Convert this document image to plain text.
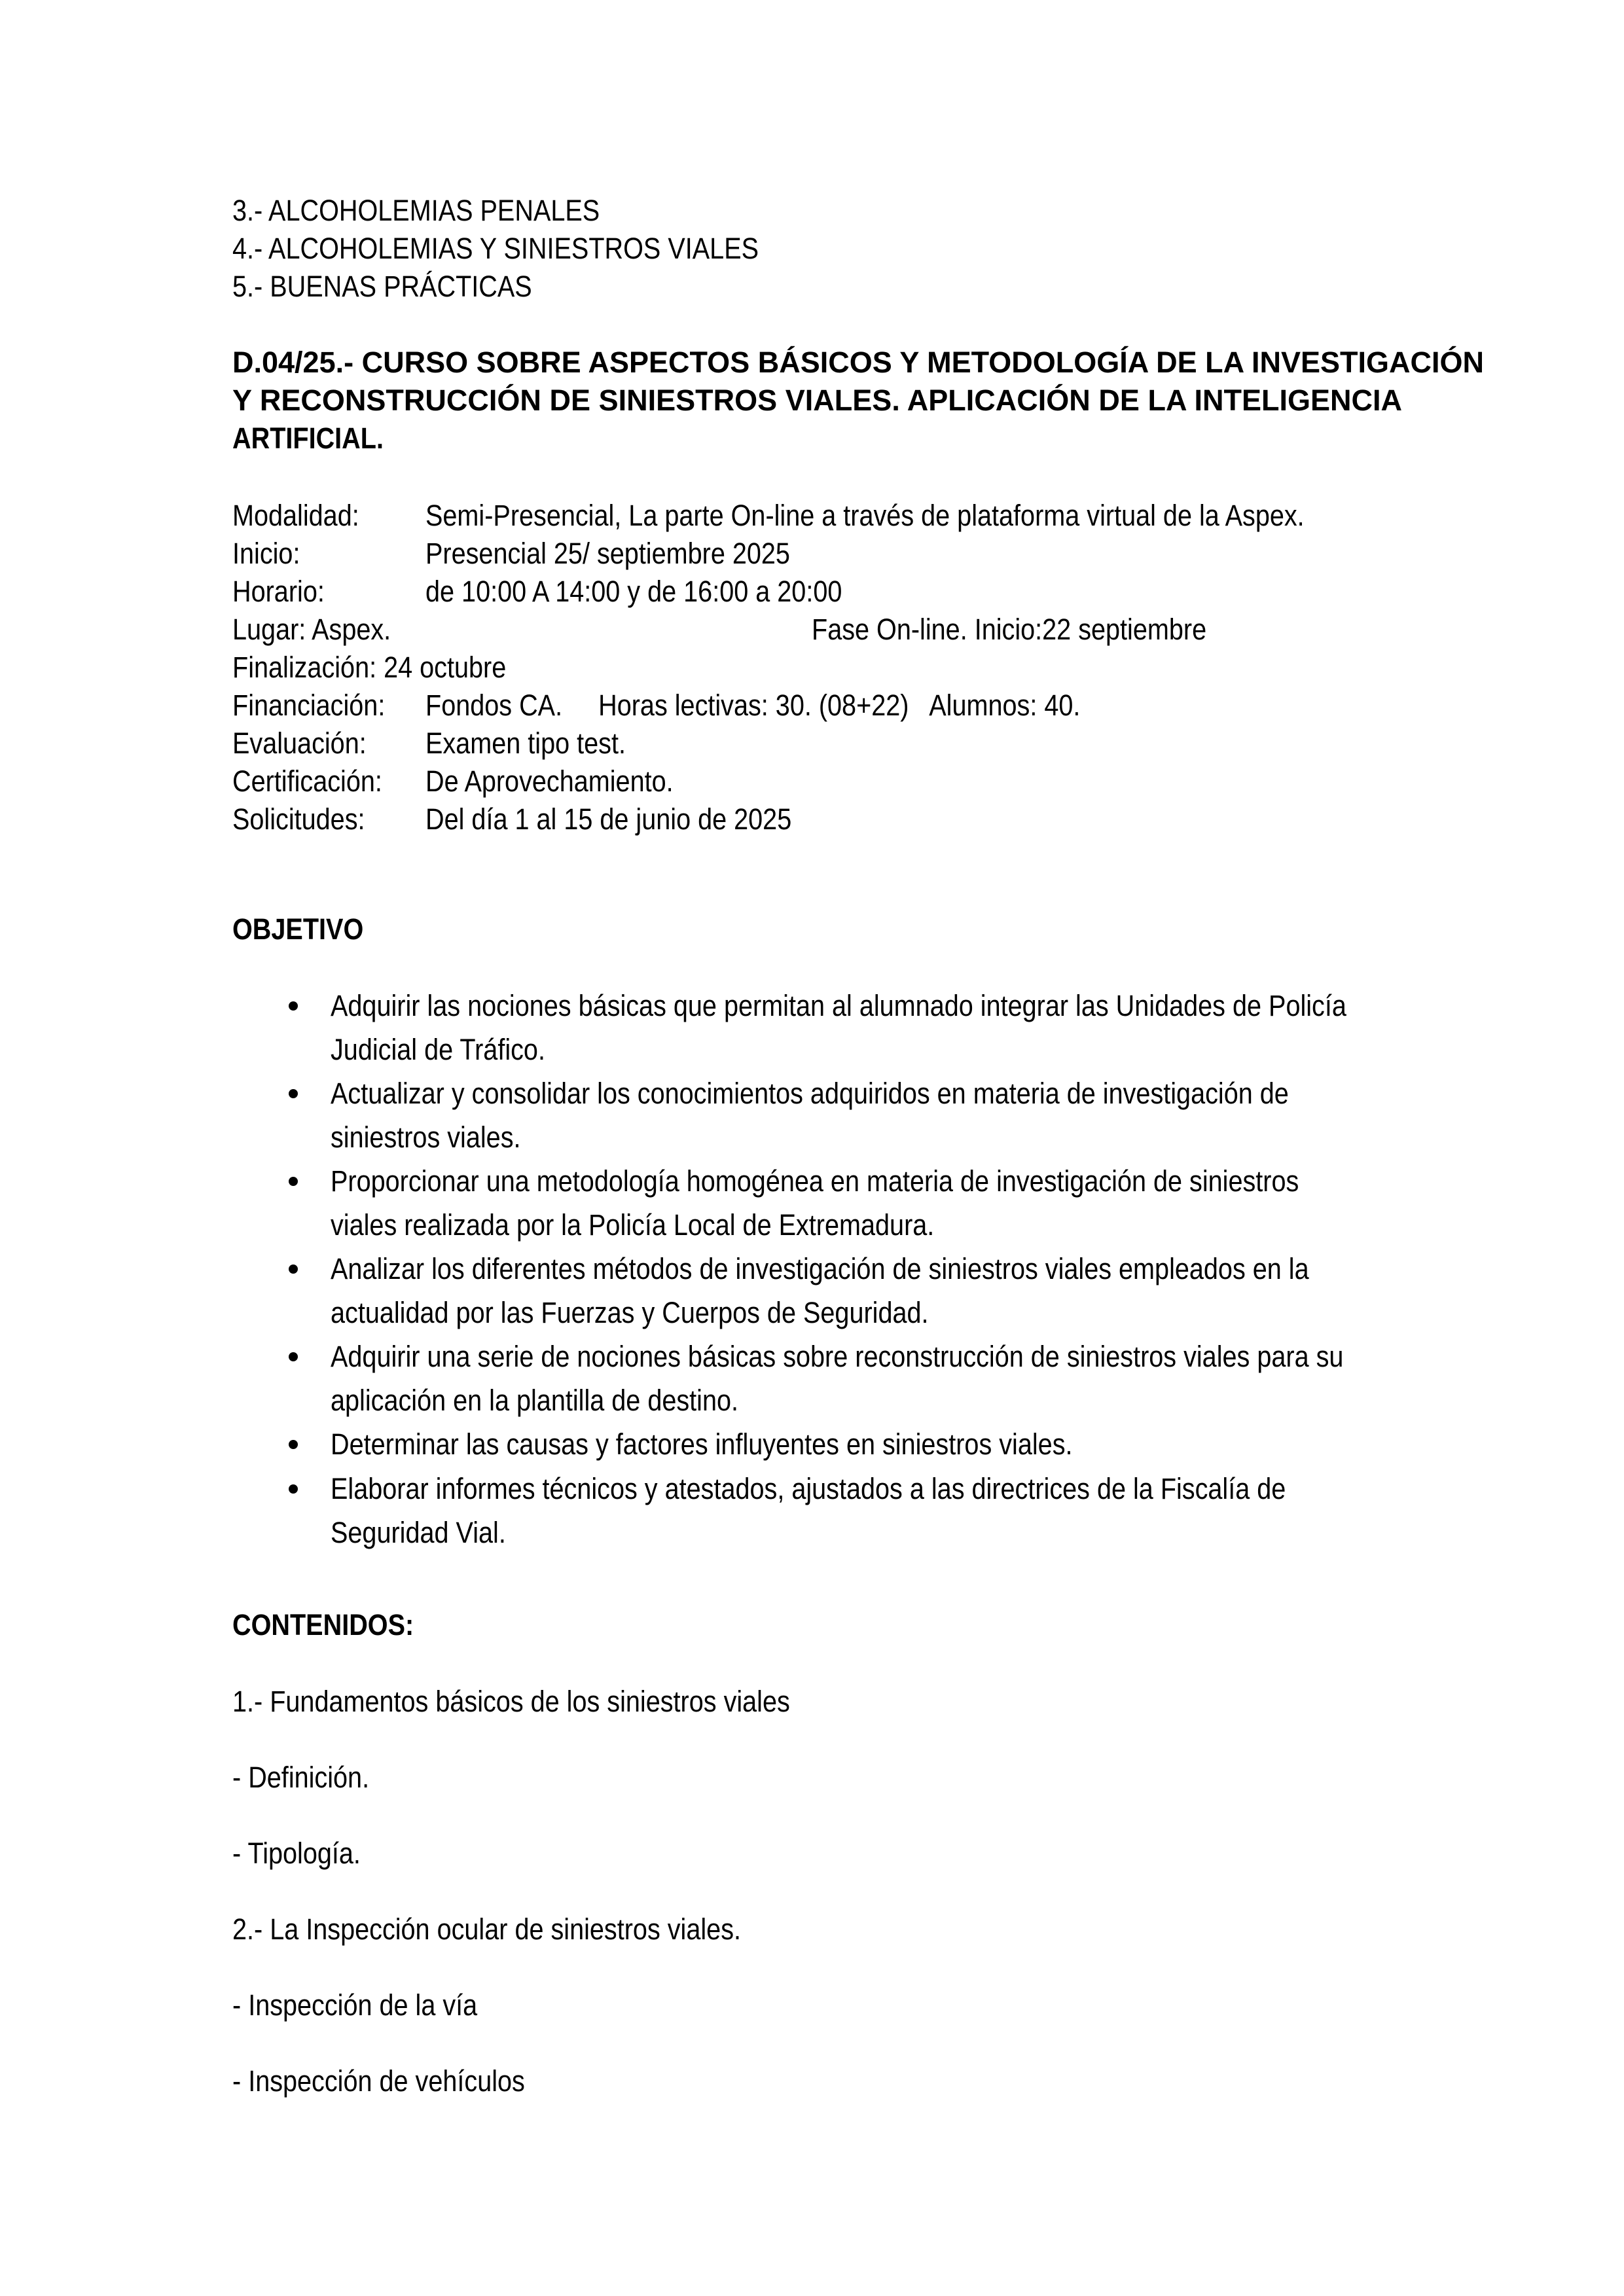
3.- ALCOHOLEMIAS PENALES
4.- ALCOHOLEMIAS Y SINIESTROS VIALES
5.- BUENAS PRÁCTICAS
D.04/25.- CURSO SOBRE ASPECTOS BÁSICOS Y METODOLOGÍA DE LA INVESTIGACIÓN
Y RECONSTRUCCIÓN DE SINIESTROS VIALES. APLICACIÓN DE LA INTELIGENCIA
ARTIFICIAL.
Modalidad: Semi-Presencial, La parte On-line a través de plataforma virtual de la Aspex.
Inicio:	Presencial 25/ septiembre 2025
Horario:	de 10:00 A 14:00 y de 16:00 a 20:00
Lugar: Aspex.	Fase On-line. Inicio:22 septiembre
Finalización: 24 octubre
Financiación: Fondos CA.     Horas lectivas: 30. (08+22)   Alumnos: 40.
Evaluación: Examen tipo test.
Certificación: De Aprovechamiento.
Solicitudes: Del día 1 al 15 de junio de 2025
OBJETIVO
Adquirir las nociones básicas que permitan al alumnado integrar las Unidades de Policía
Judicial de Tráfico.
Actualizar y consolidar los conocimientos adquiridos en materia de investigación de
siniestros viales.
Proporcionar una metodología homogénea en materia de investigación de siniestros
viales realizada por la Policía Local de Extremadura.
Analizar los diferentes métodos de investigación de siniestros viales empleados en la
actualidad por las Fuerzas y Cuerpos de Seguridad.
Adquirir una serie de nociones básicas sobre reconstrucción de siniestros viales para su
aplicación en la plantilla de destino.
Determinar las causas y factores influyentes en siniestros viales.
Elaborar informes técnicos y atestados, ajustados a las directrices de la Fiscalía de
Seguridad Vial.
CONTENIDOS:
1.- Fundamentos básicos de los siniestros viales
- Definición.
- Tipología.
2.- La Inspección ocular de siniestros viales.
- Inspección de la vía
- Inspección de vehículos
